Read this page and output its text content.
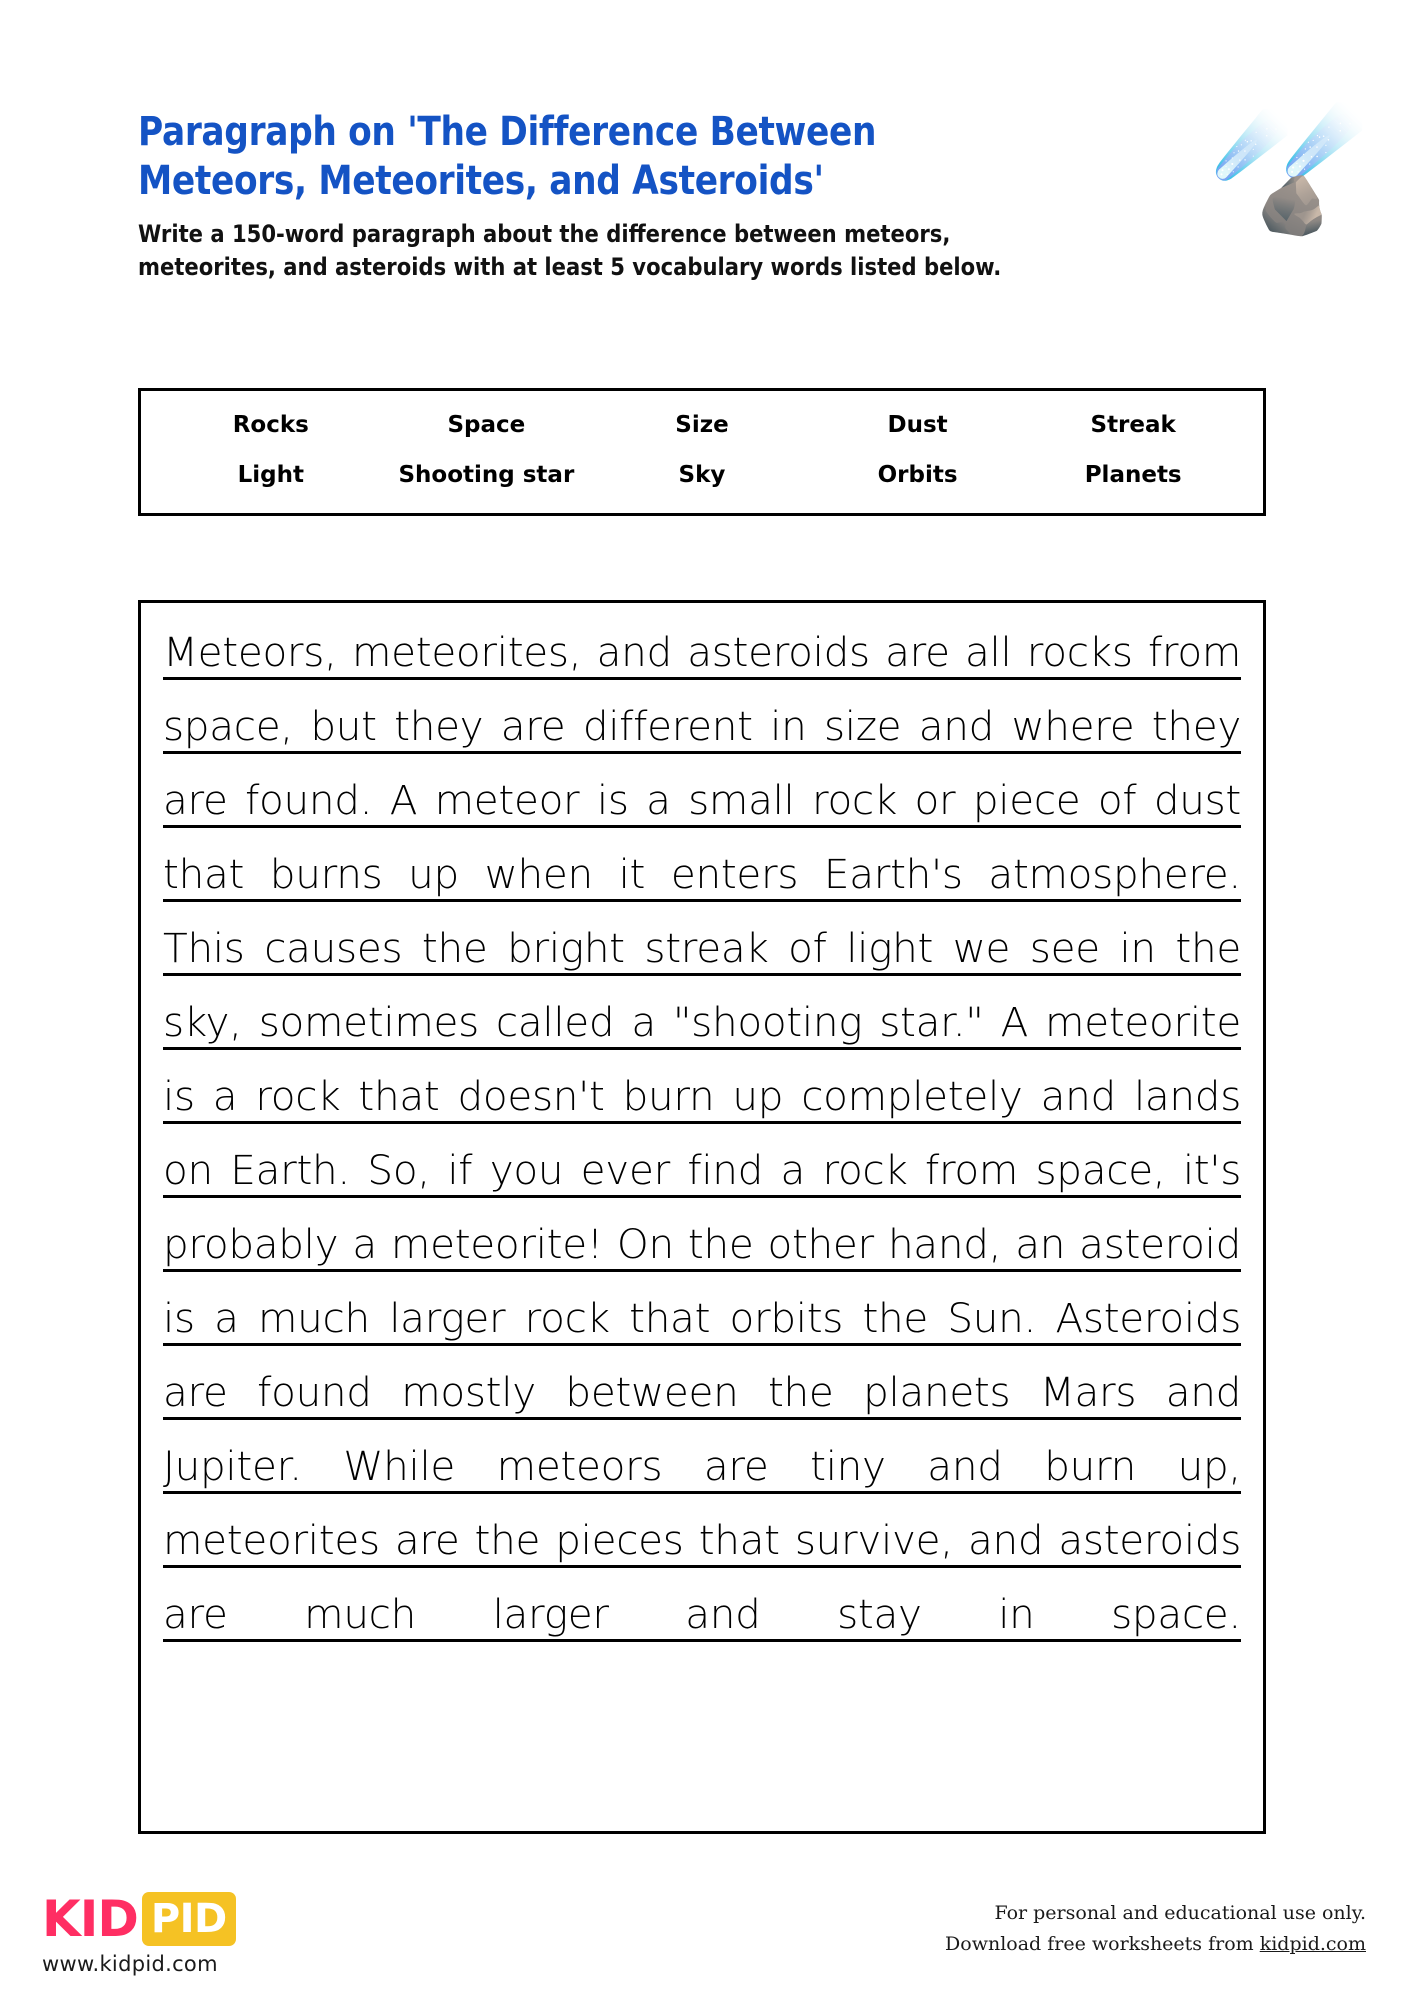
Paragraph on 'The Difference Between
Meteors, Meteorites, and Asteroids'
Write a 150-word paragraph about the difference between meteors,
meteorites, and asteroids with at least 5 vocabulary words listed below.
☄️
☄️
🪨
Rocks	Space	Size	Dust	Streak
Light	Shooting star	Sky	Orbits	Planets
Meteors, meteorites, and asteroids are all rocks from space, but they are different in size and where they are found. A meteor is a small rock or piece of dust that burns up when it enters Earth's atmosphere. This causes the bright streak of light we see in the sky, sometimes called a "shooting star." A meteorite is a rock that doesn't burn up completely and lands on Earth. So, if you ever find a rock from space, it's probably a meteorite! On the other hand, an asteroid is a much larger rock that orbits the Sun. Asteroids are found mostly between the planets Mars and Jupiter. While meteors are tiny and burn up, meteorites are the pieces that survive, and asteroids are much larger and stay in space.
KID PID
www.kidpid.com
For personal and educational use only.
Download free worksheets from kidpid.com
